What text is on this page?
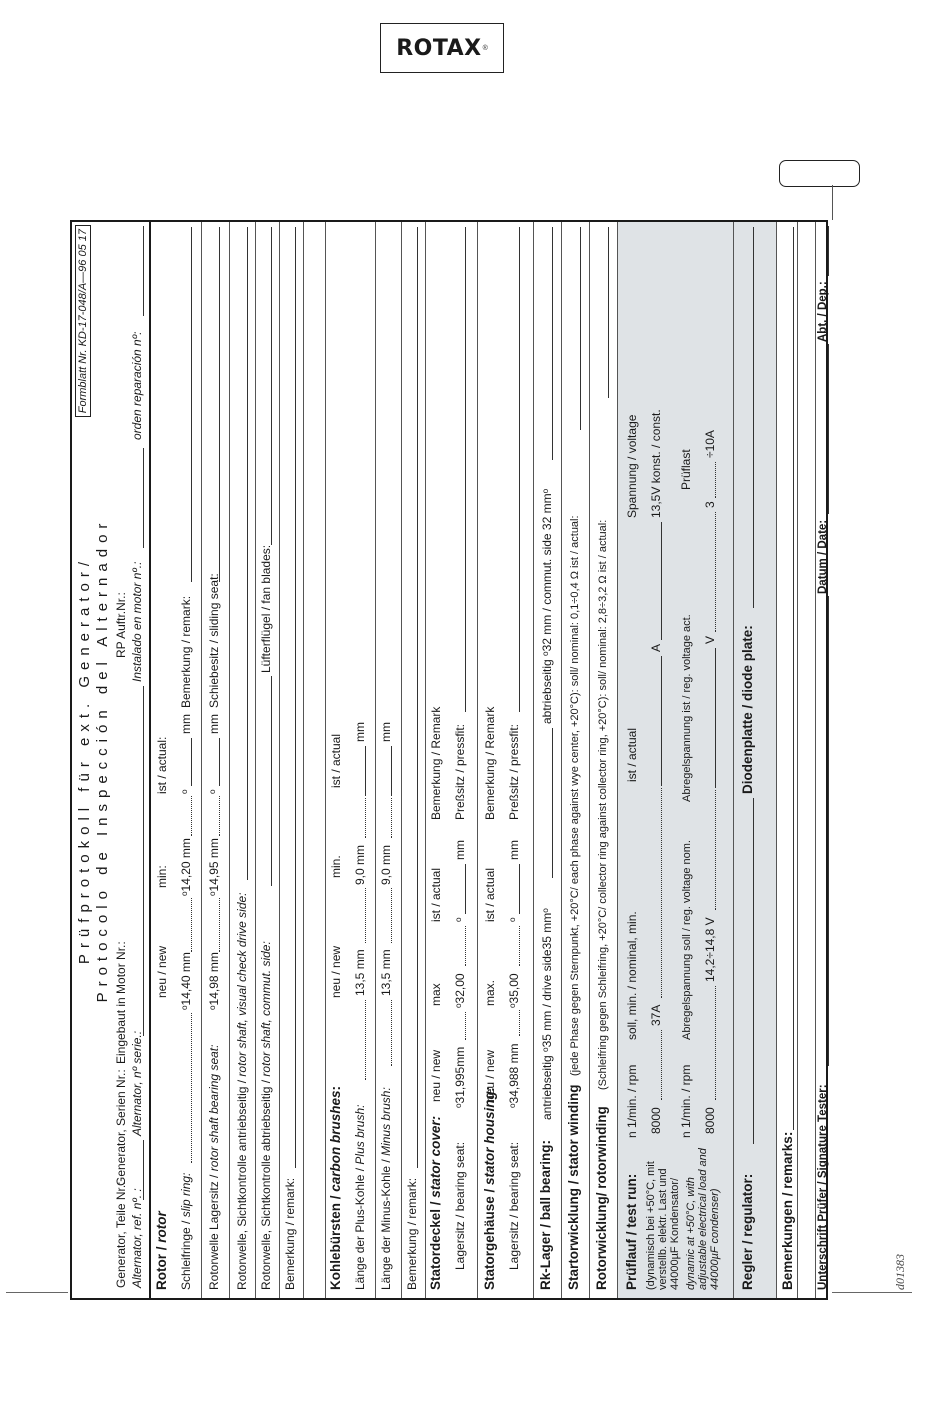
ROTAX ®
d01383
Prüfprotokoll für ext. Generator/ Protocolo de Inspección del Alternador
Formblatt Nr. KD-17-048/A—96 05 17
Generator, Teile Nr.:
Generator, Serien Nr.:
Eingebaut in Motor Nr.:
RP Auftr.Nr.:
Alternator, ref. nº. :
Alternator, nº serie.:
Instalado en motor nº.:
orden reparación nº:
Rotor / rotor
neu / new
min:
ist / actual:
Schleifringe / slip ring:
ᵒ14,40 mm
ᵒ14,20 mm
ᵒ
mm
Bemerkung / remark:
Rotorwelle Lagersitz / rotor shaft bearing seat:
ᵒ14,98 mm
ᵒ14,95 mm
ᵒ
mm
Schiebesitz / sliding seat:
Rotorwelle, Sichtkontrolle antriebseitig / rotor shaft, visual check drive side:
Rotorwelle, Sichtkontrolle abtriebseitig / rotor shaft, commut. side:
Lüfterflügel / fan blades:
Bemerkung / remark: Kohlebürsten / carbon brushes:
neu / new
min.
ist / actual
Länge der Plus-Kohle / Plus brush:
13,5 mm
9,0 mm
mm
Länge der Minus-Kohle / Minus brush:
13,5 mm
9,0 mm
mm
Bemerkung / remark: Statordeckel / stator cover:
neu / new
max
ist / actual
Bemerkung / Remark
Lagersitz / bearing seat:
ᵒ31,995mm
ᵒ32,00
ᵒ
mm
Preßsitz / pressfit:
Statorgehäuse / stator housing:
neu / new
max.
ist / actual
Bemerkung / Remark
Lagersitz / bearing seat:
ᵒ34,988 mm
ᵒ35,00
ᵒ
mm
Preßsitz / pressfit:
Rk-Lager / ball bearing:
antriebseitig ᵒ35 mm / drive side35 mmᵒ
abtriebseitig ᵒ32 mm / commut. side 32 mmᵒ
Startorwicklung / stator winding
(jede Phase gegen Sternpunkt, +20°C/ each phase against wye center, +20°C): soll/ nominal: 0,1÷0,4 Ω ist / actual:
Rotorwicklung/ rotorwinding
(Schleifring gegen Schleifring, +20°C/ collector ring against collector ring, +20°C): soll/ nominal: 2,8÷3,2 Ω ist / actual:
Prüflauf / test run:
n 1/min. / rpm
soll, min. / nominal, min.
ist / actual
Spannung / voltage
(dynamisch bei +50°C, mit verstellb. elektr. Last und 44000µF Kondensator/
8000
37A
A
13,5V konst. / const.
dynamic at +50°C, with adjustable electrical load and 44000µF condenser)
n 1/min. / rpm
Abregelspannung soll / reg. voltage nom.
Abregelspannung ist / reg. voltage act.
Prüflast
8000
14,2÷14,8 V
V
3
÷10A
Regler / regulator:
Diodenplatte / diode plate:
Bemerkungen / remarks: Unterschrift Prüfer / Signature Tester:
Datum / Date:
Abt. / Dep.:
